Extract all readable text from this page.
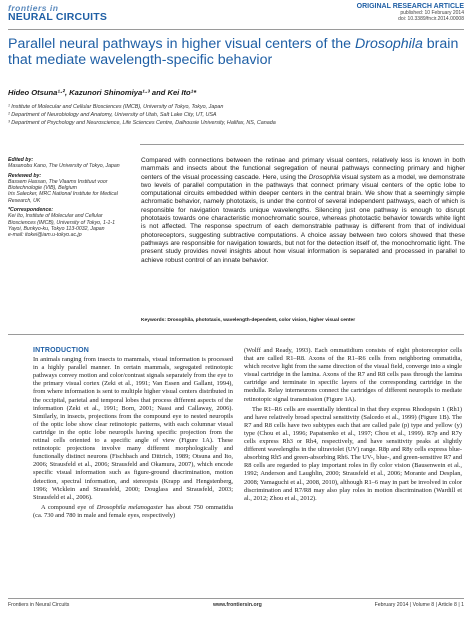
frontiers in
NEURAL CIRCUITS
ORIGINAL RESEARCH ARTICLE
published: 10 February 2014
doi: 10.3389/fncir.2014.00008
Parallel neural pathways in higher visual centers of the Drosophila brain that mediate wavelength-specific behavior
Hideo Otsuna¹·², Kazunori Shinomiya¹·³ and Kei Ito¹*
¹ Institute of Molecular and Cellular Biosciences (IMCB), University of Tokyo, Tokyo, Japan
² Department of Neurobiology and Anatomy, University of Utah, Salt Lake City, UT, USA
³ Department of Psychology and Neuroscience, Life Sciences Centre, Dalhousie University, Halifax, NS, Canada
Edited by:
Masanobu Kano, The University of Tokyo, Japan
Reviewed by:
Bassem Hassan, The Vlaams Instituut voor Biotechnologie (VIB), Belgium
Iris Salecker, MRC National Institute for Medical Research, UK
*Correspondence:
Kei Ito, Institute of Molecular and Cellular Biosciences (IMCB), University of Tokyo, 1-1-1 Yayoi, Bunkyo-ku, Tokyo 113-0032, Japan
e-mail: itokei@iam.u-tokyo.ac.jp
Compared with connections between the retinae and primary visual centers, relatively less is known in both mammals and insects about the functional segregation of neural pathways connecting primary and higher centers of the visual processing cascade. Here, using the Drosophila visual system as a model, we demonstrate two levels of parallel computation in the pathways that connect primary visual centers of the optic lobe to computational circuits embedded within deeper centers in the central brain. We show that a seemingly simple achromatic behavior, namely phototaxis, is under the control of several independent pathways, each of which is responsible for navigation towards unique wavelengths. Silencing just one pathway is enough to disrupt phototaxis towards one characteristic monochromatic source, whereas phototactic behavior towards white light is not affected. The response spectrum of each demonstrable pathway is different from that of individual photoreceptors, suggesting subtractive computations. A choice assay between two colors showed that these pathways are responsible for navigation towards, but not for the detection itself of, the monochromatic light. The present study provides novel insights about how visual information is separated and processed in parallel to achieve robust control of an innate behavior.
Keywords: Drosophila, phototaxis, wavelength-dependent, color vision, higher visual center
INTRODUCTION

In animals ranging from insects to mammals, visual information is processed in a highly parallel manner. In certain mammals, segregated retinotopic pathways convey motion and color/contrast signals separately from the eye to the primary visual cortex (Zeki et al., 1991; Van Essen and Gallant, 1994), from where information is sent to multiple higher visual centers distributed in the occipital, parietal and temporal lobes that process different aspects of the information (Zeki et al., 1991; Born, 2001; Nassi and Callaway, 2006). Similarly, in insects, projections from the compound eye to nested neuropils of the optic lobe show clear retinotopic patterns, with each columnar visual cartridge in the optic lobe neuropils having specific projection from the retinal cells oriented to a specific angle of view (Figure 1A). These retinotopic projections involve many different morphologically and functionally distinct neurons (Fischbach and Dittrich, 1989; Otsuna and Ito, 2006; Strausfeld et al., 2006; Strausfeld and Okamura, 2007), which encode specific visual information such as figure-ground discrimination, motion detection, spectral information, and stereopsis (Krapp and Hengstenberg, 1996; Wicklein and Strausfeld, 2000; Douglass and Strausfeld, 2003; Strausfeld et al., 2006).

A compound eye of Drosophila melanogaster has about 750 ommatidia (ca. 730 and 780 in male and female eyes, respectively)

(Wolff and Ready, 1993). Each ommatidium consists of eight photoreceptor cells that are called R1–R8. Axons of the R1–R6 cells from neighboring ommatidia, which receive light from the same direction of the visual field, converge into a single visual cartridge in the lamina. Axons of the R7 and R8 cells pass through the lamina cartridge and terminate in specific layers of the corresponding cartridge in the medulla. Relay interneurons connect the cartridges of different neuropils to mediate retinotopic signal transmission (Figure 1A).

The R1–R6 cells are essentially identical in that they express Rhodopsin 1 (Rh1) and have relatively broad spectral sensitivity (Salcedo et al., 1999) (Figure 1B). The R7 and R8 cells have two subtypes each that are called pale (p) type and yellow (y) type (Chou et al., 1996; Papatsenko et al., 1997; Chou et al., 1999). R7p and R7y cells express Rh3 or Rh4, respectively, and have sensitivity peaks at slightly different wavelengths in the ultraviolet (UV) range. R8p and R8y cells express blue-absorbing Rh5 and green-absorbing Rh6. The UV-, blue-, and green-sensitive R7 and R8 cells are regarded to play important roles in fly color vision (Bausenwein et al., 1992; Anderson and Laughlin, 2000; Strausfeld et al., 2006; Morante and Desplan, 2008; Yamaguchi et al., 2008, 2010), although R1–6 may in part be involved in color discrimination and R7/R8 may also play roles in motion discrimination (Wardill et al., 2012; Zhou et al., 2012).

Frontiers in Neural Circuits	www.frontiersin.org	February 2014 | Volume 8 | Article 8 | 1
